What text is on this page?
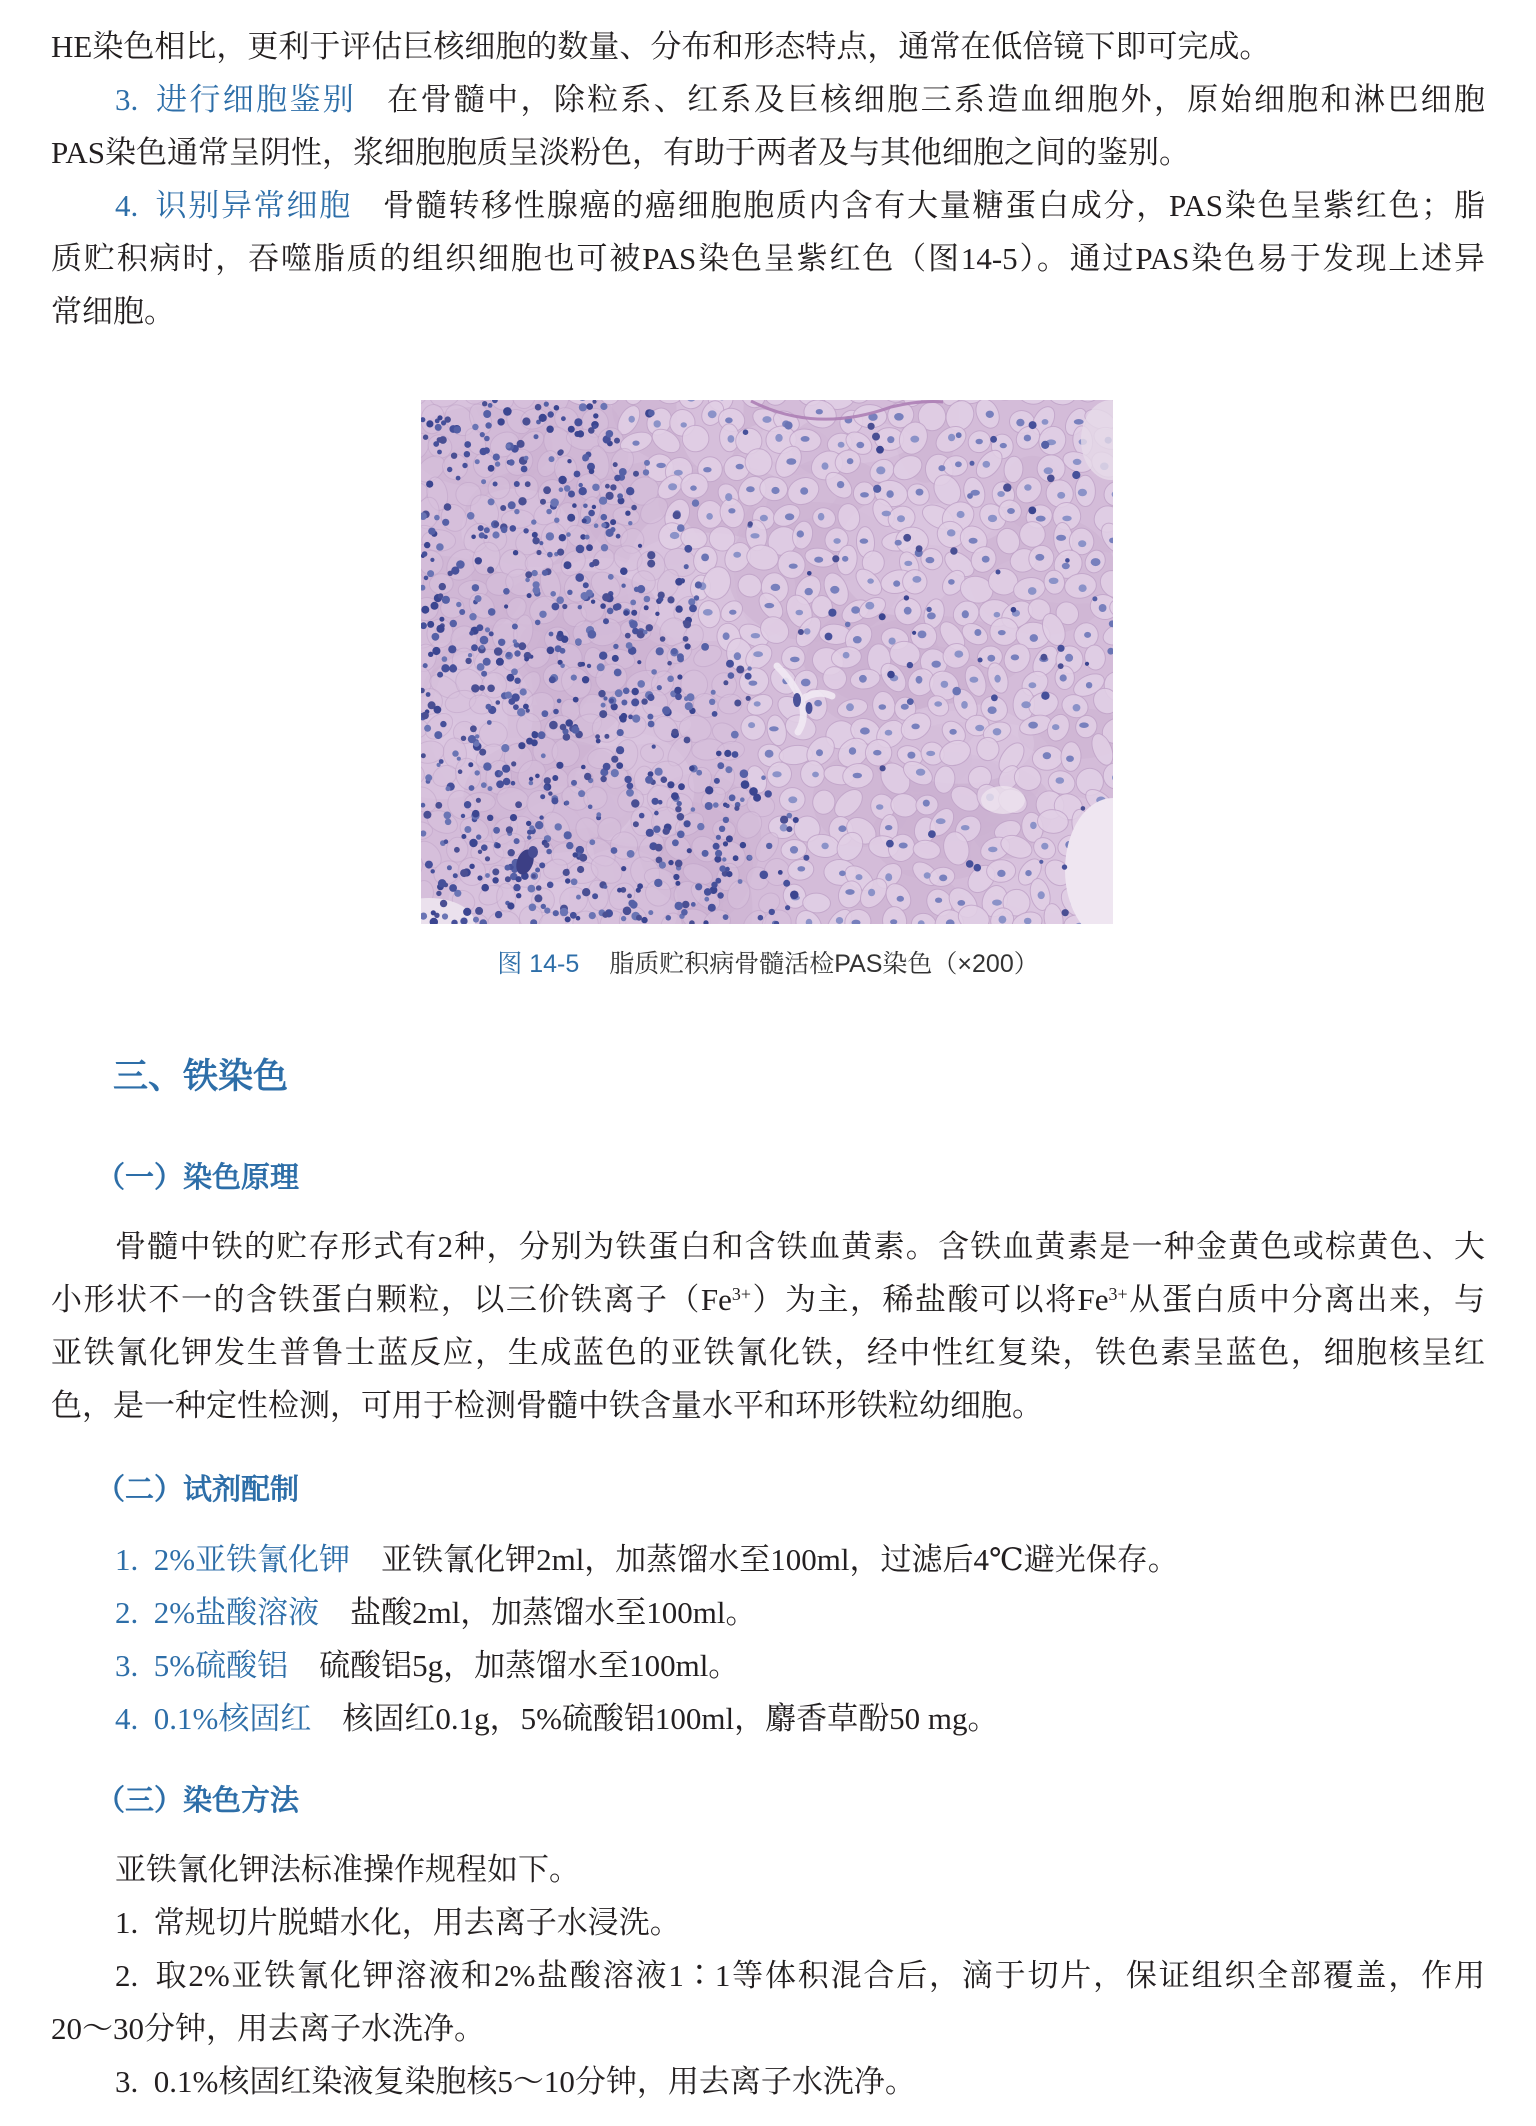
HE染色相比，更利于评估巨核细胞的数量、分布和形态特点，通常在低倍镜下即可完成。
3. 进行细胞鉴别 在骨髓中，除粒系、红系及巨核细胞三系造血细胞外，原始细胞和淋巴细胞
PAS染色通常呈阴性，浆细胞胞质呈淡粉色，有助于两者及与其他细胞之间的鉴别。
4. 识别异常细胞 骨髓转移性腺癌的癌细胞胞质内含有大量糖蛋白成分，PAS染色呈紫红色；脂
质贮积病时，吞噬脂质的组织细胞也可被PAS染色呈紫红色（图14-5）。通过PAS染色易于发现上述异
常细胞。
图 14-5 脂质贮积病骨髓活检PAS染色（×200）
三、铁染色
（一）染色原理
骨髓中铁的贮存形式有2种，分别为铁蛋白和含铁血黄素。含铁血黄素是一种金黄色或棕黄色、大
小形状不一的含铁蛋白颗粒，以三价铁离子$(Fe^{3+})$为主，稀盐酸可以将$Fe^{3+}$从蛋白质中分离出来，与
亚铁氰化钾发生普鲁士蓝反应，生成蓝色的亚铁氰化铁，经中性红复染，铁色素呈蓝色，细胞核呈红
色，是一种定性检测，可用于检测骨髓中铁含量水平和环形铁粒幼细胞。
（二）试剂配制
1. 2%亚铁氰化钾 亚铁氰化钾2ml，加蒸馏水至100ml，过滤后4℃避光保存。
2. 2%盐酸溶液 盐酸2ml，加蒸馏水至100ml。
3. 5%硫酸铝 硫酸铝5g，加蒸馏水至100ml。
4. 0.1%核固红 核固红0.1g，5%硫酸铝100ml，麝香草酚50 mg。
（三）染色方法
亚铁氰化钾法标准操作规程如下。
1. 常规切片脱蜡水化，用去离子水浸洗。
2. 取2%亚铁氰化钾溶液和2%盐酸溶液1∶1等体积混合后，滴于切片，保证组织全部覆盖，作用
20～30分钟，用去离子水洗净。
3. 0.1%核固红染液复染胞核5～10分钟，用去离子水洗净。
